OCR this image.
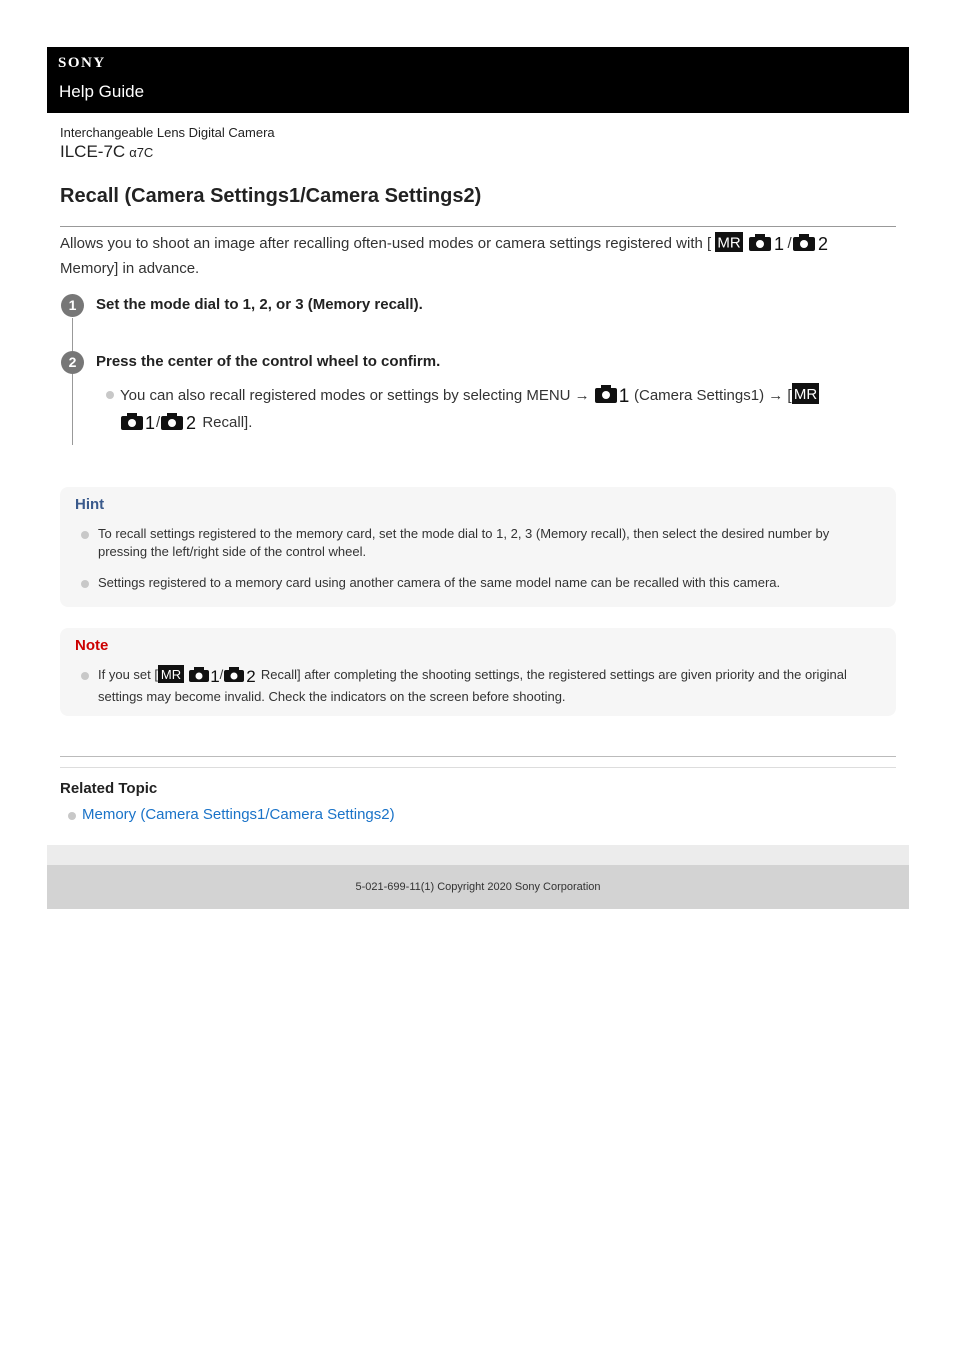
SONY
Help Guide
Interchangeable Lens Digital Camera
ILCE-7C α7C
Recall (Camera Settings1/Camera Settings2)
Allows you to shoot an image after recalling often-used modes or camera settings registered with [ MR
1 / 2

Memory] in advance.
1	Set the mode dial to 1, 2, or 3 (Memory recall).
2	Press the center of the control wheel to confirm.
You can also recall registered modes or settings by selecting MENU → 1 (Camera Settings1) → [ MR

1 / 2 Recall].
Hint
To recall settings registered to the memory card, set the mode dial to 1, 2, 3 (Memory recall), then select the desired number by pressing the left/right side of the control wheel.
Settings registered to a memory card using another camera of the same model name can be recalled with this camera.
Note
If you set [ MR
1 / 2 Recall] after completing the shooting settings, the registered settings are given priority and the original settings may become invalid. Check the indicators on the screen before shooting.
Related Topic
Memory (Camera Settings1/Camera Settings2)
5-021-699-11(1) Copyright 2020 Sony Corporation
